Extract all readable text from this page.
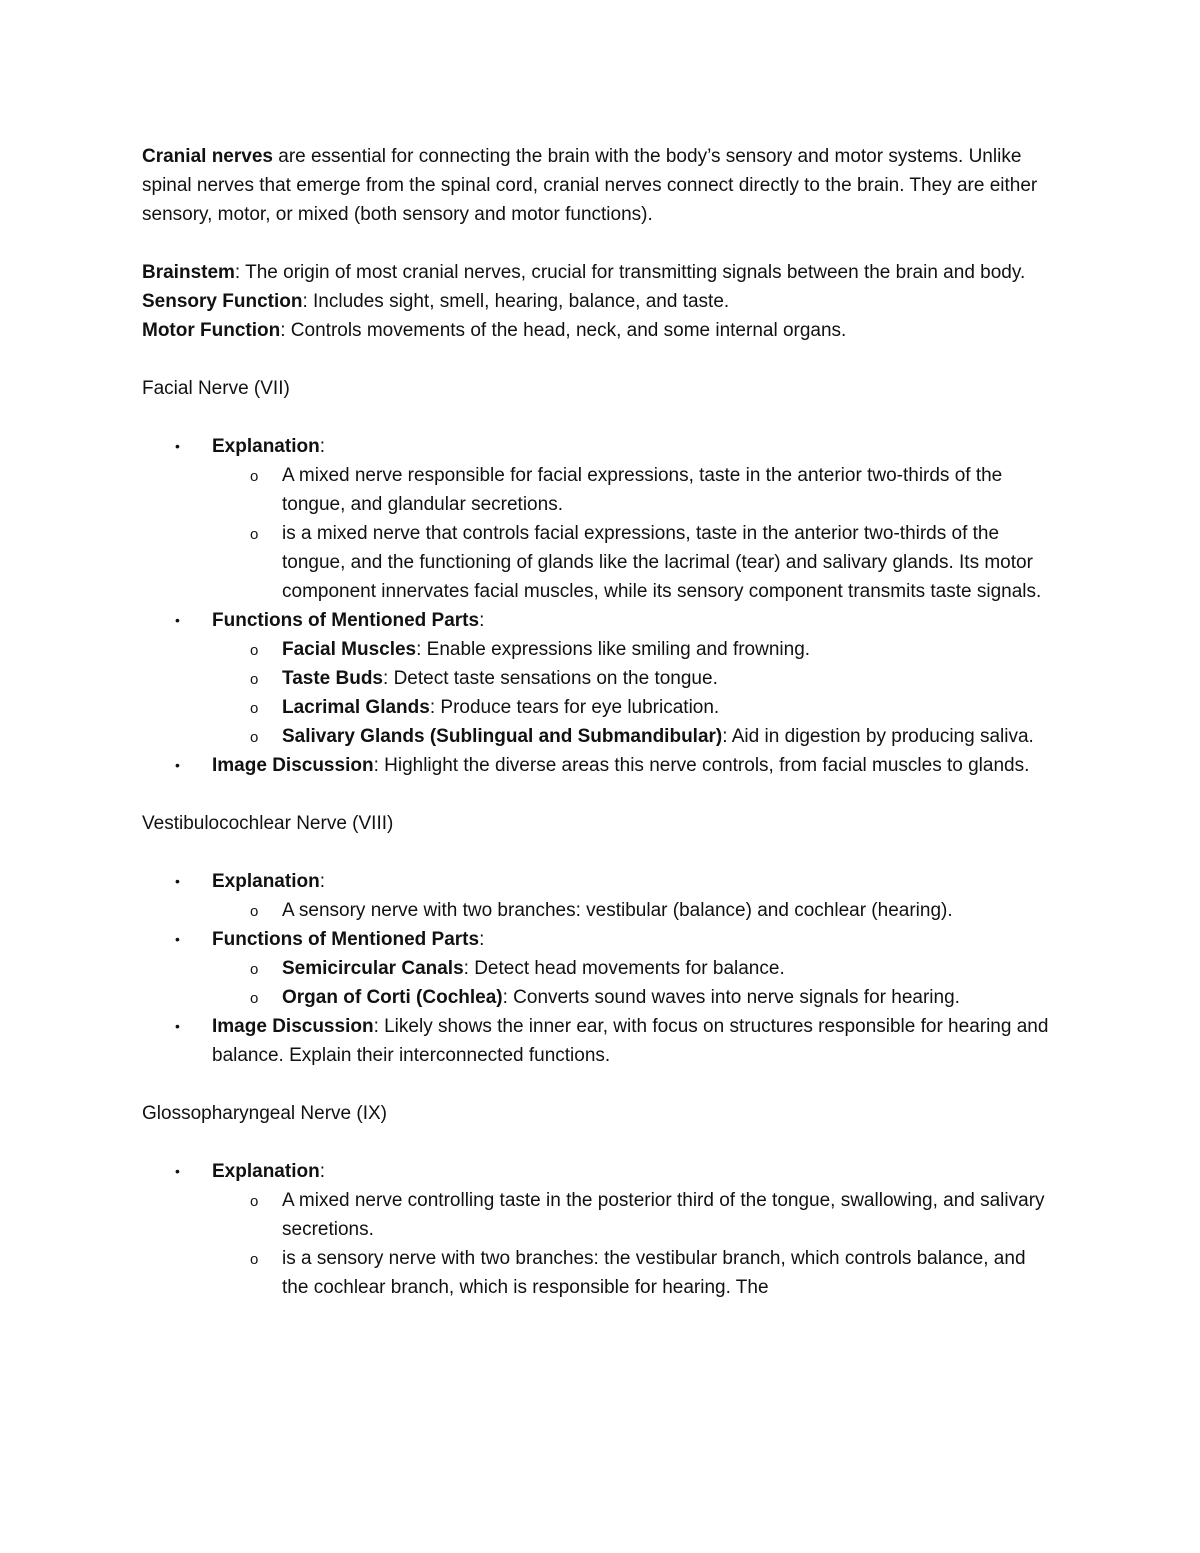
Cranial nerves are essential for connecting the brain with the body’s sensory and motor systems. Unlike spinal nerves that emerge from the spinal cord, cranial nerves connect directly to the brain. They are either sensory, motor, or mixed (both sensory and motor functions).

Brainstem: The origin of most cranial nerves, crucial for transmitting signals between the brain and body.

Sensory Function: Includes sight, smell, hearing, balance, and taste.

Motor Function: Controls movements of the head, neck, and some internal organs.

Facial Nerve (VII)

• Explanation:
o A mixed nerve responsible for facial expressions, taste in the anterior two-thirds of the tongue, and glandular secretions.
o is a mixed nerve that controls facial expressions, taste in the anterior two-thirds of the tongue, and the functioning of glands like the lacrimal (tear) and salivary glands. Its motor component innervates facial muscles, while its sensory component transmits taste signals.
• Functions of Mentioned Parts:
o Facial Muscles: Enable expressions like smiling and frowning.
o Taste Buds: Detect taste sensations on the tongue.
o Lacrimal Glands: Produce tears for eye lubrication.
o Salivary Glands (Sublingual and Submandibular): Aid in digestion by producing saliva.
• Image Discussion: Highlight the diverse areas this nerve controls, from facial muscles to glands.

Vestibulocochlear Nerve (VIII)

• Explanation:
o A sensory nerve with two branches: vestibular (balance) and cochlear (hearing).
• Functions of Mentioned Parts:
o Semicircular Canals: Detect head movements for balance.
o Organ of Corti (Cochlea): Converts sound waves into nerve signals for hearing.
• Image Discussion: Likely shows the inner ear, with focus on structures responsible for hearing and balance. Explain their interconnected functions.

Glossopharyngeal Nerve (IX)

• Explanation:
o A mixed nerve controlling taste in the posterior third of the tongue, swallowing, and salivary secretions.
o is a sensory nerve with two branches: the vestibular branch, which controls balance, and the cochlear branch, which is responsible for hearing. The
